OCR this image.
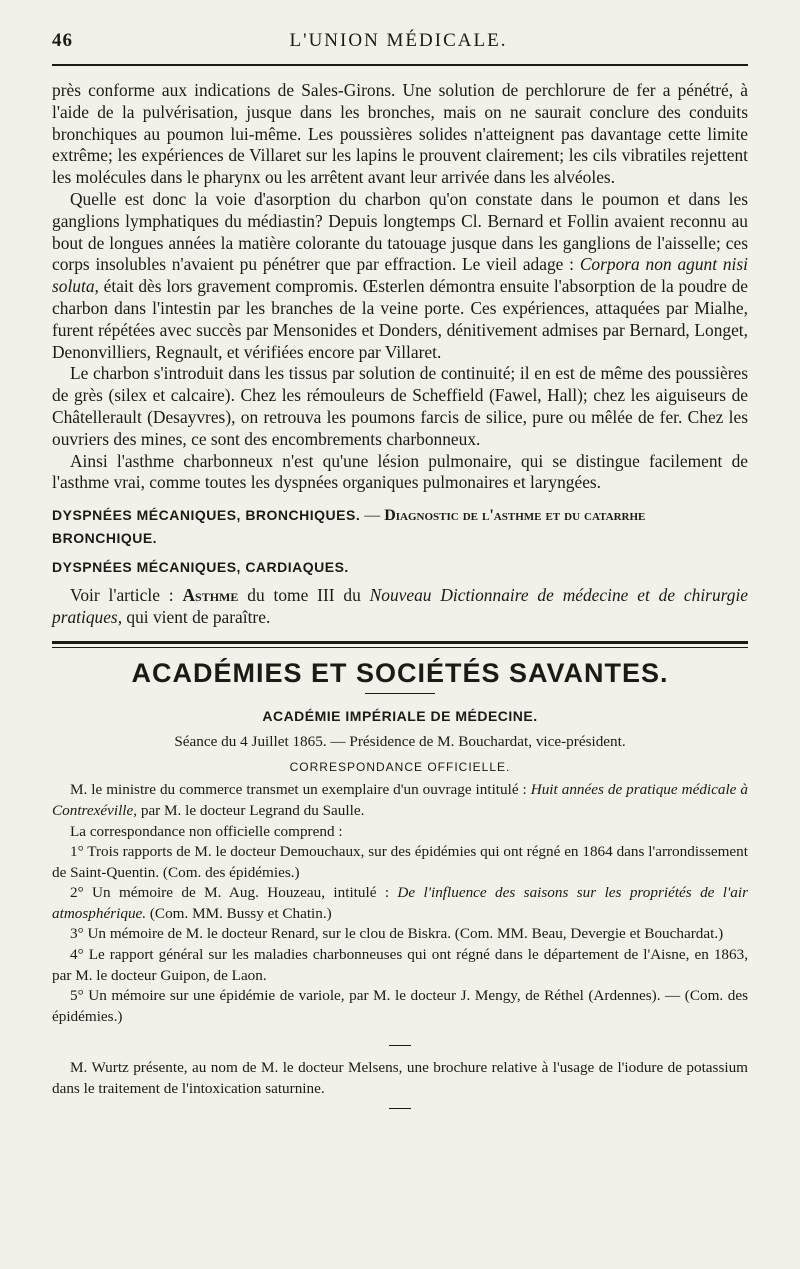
46	L'UNION MÉDICALE.

près conforme aux indications de Sales-Girons. Une solution de perchlorure de fer a pénétré, à l'aide de la pulvérisation, jusque dans les bronches, mais on ne saurait conclure des conduits bronchiques au poumon lui-même. Les poussières solides n'atteignent pas davantage cette limite extrême; les expériences de Villaret sur les lapins le prouvent clairement; les cils vibratiles rejettent les molécules dans le pharynx ou les arrêtent avant leur arrivée dans les alvéoles.

Quelle est donc la voie d'asorption du charbon qu'on constate dans le poumon et dans les ganglions lymphatiques du médiastin? Depuis longtemps Cl. Bernard et Follin avaient reconnu au bout de longues années la matière colorante du tatouage jusque dans les ganglions de l'aisselle; ces corps insolubles n'avaient pu pénétrer que par effraction. Le vieil adage : Corpora non agunt nisi soluta, était dès lors gravement compromis. Œsterlen démontra ensuite l'absorption de la poudre de charbon dans l'intestin par les branches de la veine porte. Ces expériences, attaquées par Mialhe, furent répétées avec succès par Mensonides et Donders, dénitivement admises par Bernard, Longet, Denonvilliers, Regnault, et vérifiées encore par Villaret.

Le charbon s'introduit dans les tissus par solution de continuité; il en est de même des poussières de grès (silex et calcaire). Chez les rémouleurs de Scheffield (Fawel, Hall); chez les aiguiseurs de Châtellerault (Desayvres), on retrouva les poumons farcis de silice, pure ou mêlée de fer. Chez les ouvriers des mines, ce sont des encombrements charbonneux.

Ainsi l'asthme charbonneux n'est qu'une lésion pulmonaire, qui se distingue facilement de l'asthme vrai, comme toutes les dyspnées organiques pulmonaires et laryngées.

DYSPNÉES MÉCANIQUES, BRONCHIQUES. — Diagnostic de l'asthme et du catarrhe

BRONCHIQUE.

DYSPNÉES MÉCANIQUES, CARDIAQUES.

Voir l'article : Asthme du tome III du Nouveau Dictionnaire de médecine et de chirurgie pratiques, qui vient de paraître.

ACADÉMIES ET SOCIÉTÉS SAVANTES.
ACADÉMIE IMPÉRIALE DE MÉDECINE.

Séance du 4 Juillet 1865. — Présidence de M. Bouchardat, vice-président.

CORRESPONDANCE OFFICIELLE.

M. le ministre du commerce transmet un exemplaire d'un ouvrage intitulé : Huit années de pratique médicale à Contrexéville, par M. le docteur Legrand du Saulle.

La correspondance non officielle comprend :

1° Trois rapports de M. le docteur Demouchaux, sur des épidémies qui ont régné en 1864 dans l'arrondissement de Saint-Quentin. (Com. des épidémies.)

2° Un mémoire de M. Aug. Houzeau, intitulé : De l'influence des saisons sur les propriétés de l'air atmosphérique. (Com. MM. Bussy et Chatin.)

3° Un mémoire de M. le docteur Renard, sur le clou de Biskra. (Com. MM. Beau, Devergie et Bouchardat.)

4° Le rapport général sur les maladies charbonneuses qui ont régné dans le département de l'Aisne, en 1863, par M. le docteur Guipon, de Laon.

5° Un mémoire sur une épidémie de variole, par M. le docteur J. Mengy, de Réthel (Ardennes). — (Com. des épidémies.)

M. Wurtz présente, au nom de M. le docteur Melsens, une brochure relative à l'usage de l'iodure de potassium dans le traitement de l'intoxication saturnine.
